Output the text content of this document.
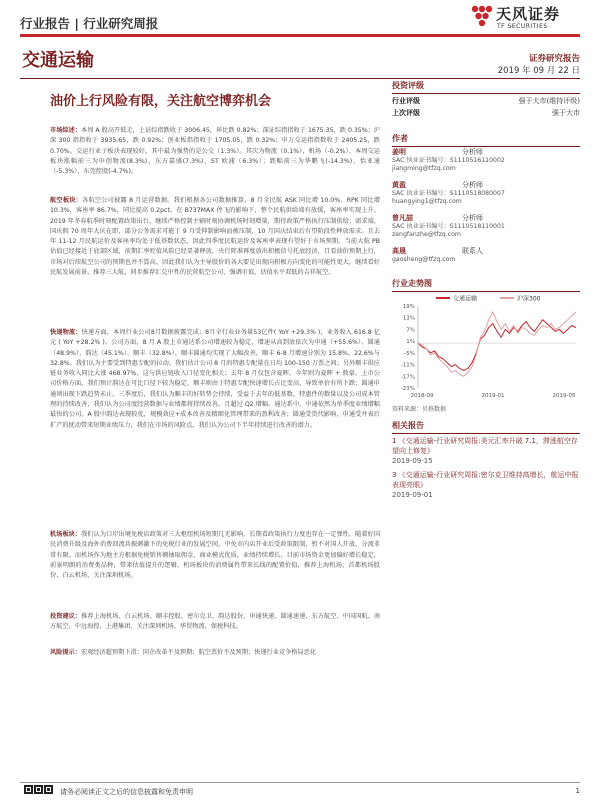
行业报告 | 行业研究周报
天风证券
TF SECURITIES
交通运输	证券研究报告
2019 年 09 月 22 日
油价上行风险有限，关注航空博弈机会

市场综述：本周 A 股高开低走，上证综指跌收于 3006.45，环比跌 0.82%；深证综指指收于 1675.35，跌 0.35%；沪深 300 指指收于 3935.65，跌 0.92%；创业板指指收于 1705.05，跌 0.32%；申万交运指指数收于 2405.25，跌 0.70%。交运行业子板块表现较好，其中最为强势的是公交（1.3%）。其次为物流（0.1%），机场（-0.2%）。本周交运板块涨幅前三为申创物流(8.3%)、东方嘉盛(7.3%)、ST 欧浦（6.3%）；跌幅前三为华鹏飞(-14.3%)、怡亚通（-5.3%）、东莞控股(-4.7%)。

航空板块：各航空公司披露 8 月运营数据。我们根据各公司数据推算，8 月全民航 ASK 同比增 10.0%，RPK 同比增 10.3%，客座率 86.7%，同比提高 0.2pct。在 B737MAX 停飞的影响下，整个民航供给端有放缓，客座率实现上升。2019 年冬春航季时刻配置政策出台，继续严格控制主辅时刻协调机场时刻增量，期待政策严格执行压制供给；需求端，国庆假 70 周年大庆在即，部分公务需求可能于 9 月受抑制影响而被压制，10 月国庆结束后有望阶段性释放需求。且去年 11-12 月民航运价及客座率均处于低基数状态，因此四季度民航运价及客座率表现有望好于市场预期。当前大航 PB 估值已经接近于底部区域，前期汇率贬值风险已经显著释放，央行降准再度放出积极信号托底经济，且看油价预期上行，市场对后续航空公司的预期也并不算高，因此我们认为主导股价的各大要是出现向积极方向变化的可能性更大，继续看好民航发展前景，推荐三大航，同步推荐汇兑中性的民营航空公司，强调市值，估值水平双低的吉祥航空。

快递物流：快递方面，本周行业公司8月数据披露完成；8月全行业业务量53亿件( YoY +29.3% )，业务收入 616.8 亿元 ( YoY +28.2% )。公司方面，8 月 A 股上市通达系公司增速较为稳定，增速从高到底依次为申通（+55.6%）、圆通（48.9%）、韵达（45.1%）、顺丰（32.8%）。顺丰圆通均实现了大幅改善，顺丰 6-8 月增速分别为 15.8%、22.6%与 32.8%。我们认为主要受到特惠专配的拉动。我们估计公司 8 月的特惠专配量在日均 100-150 万票之间；另外顺丰供应链业务收入同比大涨 468.97%，这与供应链收入口径变化相关；去年 8 月仅包含夏晖，今年则为夏晖 + 敦豪。上市公司价格方面，我们预计韵达在可比口径下较为稳定，顺丰则由于特惠专配快速增长占比变高，导致单价有所下跌；圆通申通则出现下跌趋势未止。三季度后，我们认为顺丰的好转势会持续，受益于去年的低基数，特惠件的数量以及公司成本管理的持续改善，我们认为公司度经营数据与业绩都将持续改善。且超过 Q2 增幅。通达系中，中通依然为单季度业绩增幅最快的公司。A 股中韵达表现较优，规模效应+成本改善及精细化管理带来的盈利改善；圆通受货代影响，申通受并表后扩产的扰动带来短期业绩压力，我们在市场的风险点，我们认为公司下半年持续进行改善的潜力。

机场板块：我们认为口岸出境免税店政策对三大枢纽机场短期几无影响，长期看政策执行力度也存在一定弹性，随着好国民消费升级及海外消费回流共振刺激下的免税行业的发展空间，中免市内店开业后受政策限制，暂不对国人开放，分流非常有限。而机场作为地主方根据免税销售额抽取佣金，商业模式优质，业绩持续增长。目前市场资金更加偏好增长稳定，前景明朗的消费类品种，带来估值提升的逻辑，机场板块的消费属性带来长线的配置价值，推荐上海机场、首都机场股份、白云机场，关注深圳机场。

投资建议：推荐上海机场、白云机场、顺丰控股、密尔克卫、韵达股份、申通快递、圆通速递、东方航空、中国国航、南方航空、中远海控、上港集团，关注深圳机场、华贸物流、保税科技。

风险提示：宏观经济超预期下滑；国企改革不及预期；航空票价不及预期；快递行业竞争格局恶化

投资评级
行业评级	强于大市(维持评级)
上次评级	强于大市
作者
姜明	分析师
SAC 执业证书编号：S1110516110002
jiangming@tfzq.com
黄盈	分析师
SAC 执业证书编号：S1110518080007
huangying1@tfzq.com
曾凡喆	分析师
SAC 执业证书编号：S1110518110001
zengfanzhe@tfzq.com
高晟	联系人
gaosheng@tfzq.com
行业走势图
交通运输	沪深300
19%
13%
7%
1%
-5%
-11%
-17%
-23%
2018-09	2019-01	2019-05
资料来源：贝格数据
相关报告
1 《交通运输-行业研究周报:美元汇率升破 7.1，滞涨航空存望向上修复》
2019-09-15
3 《交通运输-行业研究周报:密尔克卫维持高增长，航运中报表现亮眼》
2019-09-01
请务必阅读正文之后的信息披露和免责申明	1
